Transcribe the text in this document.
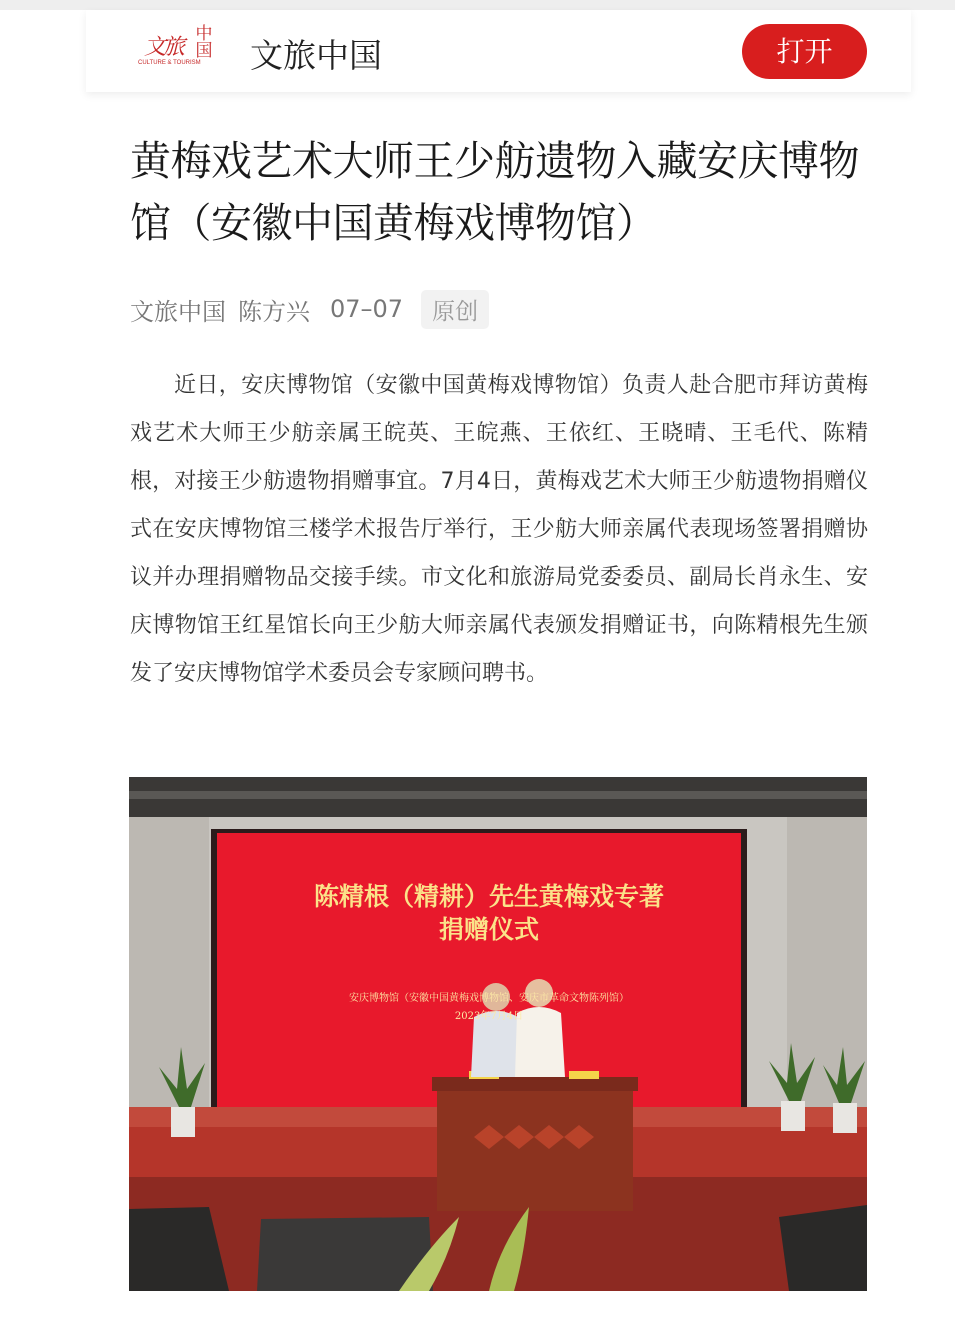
文旅
中国
CULTURE & TOURISM 文旅中国	打开
黄梅戏艺术大师王少舫遗物入藏安庆博物馆（安徽中国黄梅戏博物馆）
文旅中国 陈方兴 07–07	原创

近日，安庆博物馆（安徽中国黄梅戏博物馆）负责人赴合肥市拜访黄梅戏艺术大师王少舫亲属王皖英、王皖燕、王依红、王晓晴、王毛代、陈精根，对接王少舫遗物捐赠事宜。7月4日，黄梅戏艺术大师王少舫遗物捐赠仪式在安庆博物馆三楼学术报告厅举行，王少舫大师亲属代表现场签署捐赠协议并办理捐赠物品交接手续。市文化和旅游局党委委员、副局长肖永生、安庆博物馆王红星馆长向王少舫大师亲属代表颁发捐赠证书，向陈精根先生颁发了安庆博物馆学术委员会专家顾问聘书。

陈精根（精耕）先生黄梅戏专著
捐赠仪式
安庆博物馆（安徽中国黄梅戏博物馆、安庆市革命文物陈列馆）
2023年7月4日
